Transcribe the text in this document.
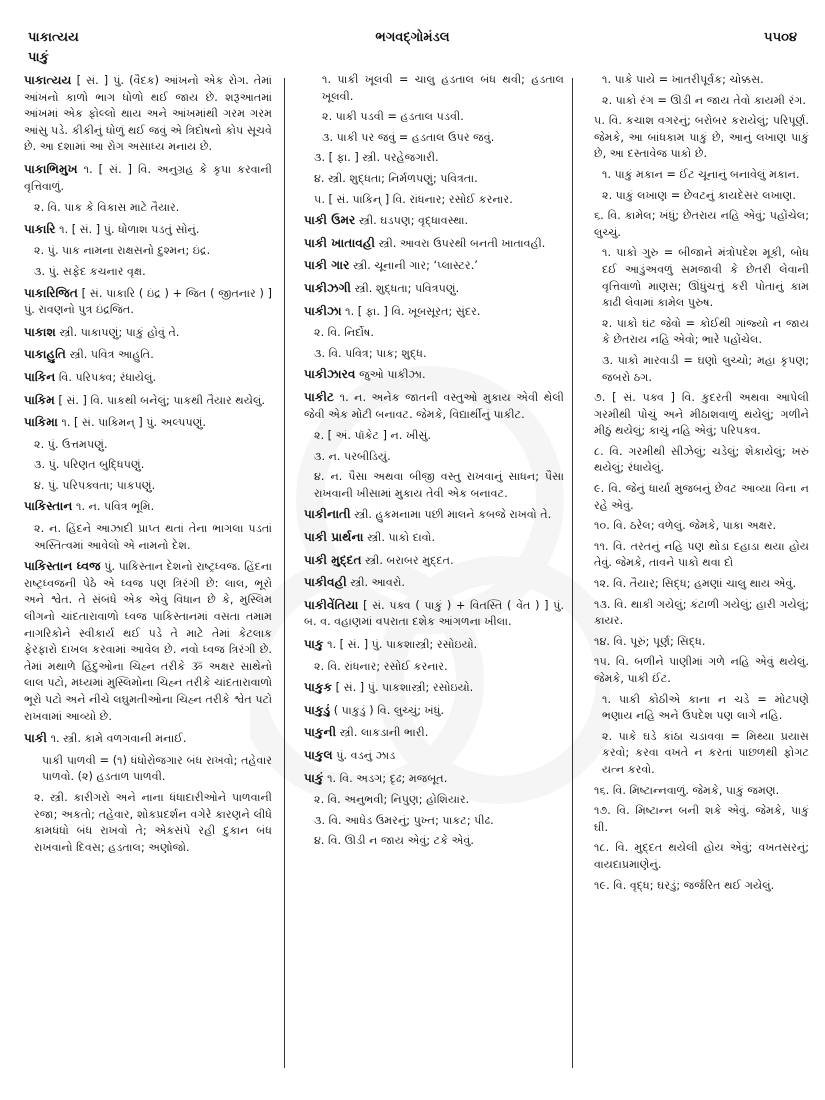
પાકાત્યય
પાકું
ભગવદ્ગોમંડલ	૫૫૦૪
પાકાત્યય [ સં. ] પું. (વૈદક) આંખનો એક રોગ. તેમાં આંખનો કાળો ભાગ ધોળો થઈ જાય છે. શરૂઆતમાં આંખમાં એક ફોલ્લો થાય અને આંખમાંથી ગરમ ગરમ આંસુ પડે. કીકીનું ધોળું થઈ જવું એ ત્રિદોષનો કોપ સૂચવે છે. આ દશામાં આ રોગ અસાધ્ય મનાય છે.
પાકાભિમુખ ૧. [ સં. ] વિ. અનુગ્રહ કે કૃપા કરવાની વૃત્તિવાળું.
૨. વિ. પાક કે વિકાસ માટે તૈયાર.
પાકારિ ૧. [ સં. ] પું. ધોળાશ પડતું સોનું.
૨. પું. પાક નામના રાક્ષસનો દુશ્મન; ઇંદ્ર.
૩. પું. સફેદ કચનાર વૃક્ષ.
પાકારિજિત [ સં. પાકારિ ( ઇંદ્ર ) + જિત ( જીતનાર ) ] પું. રાવણનો પુત્ર ઇંદ્રજિત.
પાકાશ સ્ત્રી. પાકાપણું; પાકું હોવું તે.
પાકાહુતિ સ્ત્રી. પવિત્ર આહુતિ.
પાકિન વિ. પરિપક્વ; રંધાયેલું.
પાકિમ [ સં. ] વિ. પાકથી બનેલું; પાકથી તૈયાર થયેલું.
પાકિમા ૧. [ સં. પાકિમન્ ] પું. અલ્પપણું.
૨. પું. ઉત્તમપણું.
૩. પું. પરિણત બુદ્ધિપણું.
૪. પું. પરિપક્વતા; પાકપણું.
પાકિસ્તાન ૧. ન. પવિત્ર ભૂમિ.
૨. ન. હિંદને આઝાદી પ્રાપ્ત થતાં તેના ભાગલા પડતાં અસ્તિત્વમાં આવેલો એ નામનો દેશ.
પાકિસ્તાન ધ્વજ પું. પાકિસ્તાન દેશનો રાષ્ટ્રધ્વજ. હિંદના રાષ્ટ્રધ્વજની પેઠે એ ધ્વજ પણ ત્રિરંગી છે: લાલ, ભૂરો અને શ્વેત. તે સંબંધે એક એવું વિધાન છે કે, મુસ્લિમ લીગનો ચાંદતારાવાળો ધ્વજ પાકિસ્તાનમાં વસતા તમામ નાગરિકોને સ્વીકાર્ય થઈ પડે તે માટે તેમાં કેટલાક ફેરફારો દાખલ કરવામાં આવેલ છે. નવો ધ્વજ ત્રિરંગી છે. તેમાં મથાળે હિંદુઓના ચિહ્ન તરીકે ૐ અક્ષર સાથેનો લાલ પટો, મધ્યમાં મુસ્લિમોના ચિહ્ન તરીકે ચાંદતારાવાળો ભૂરો પટો અને નીચે લઘુમતીઓના ચિહ્ન તરીકે શ્વેત પટો રાખવામાં આવ્યો છે.
પાકી ૧. સ્ત્રી. કામે વળગવાની મનાઈ.
પાકી પાળવી = (૧) ધંધોરોજગાર બંધ રાખવો; તહેવાર પાળવો. (૨) હડતાળ પાળવી.
૨. સ્ત્રી. કારીગરો અને નાના ધંધાદારીઓને પાળવાની રજા; અકતો; તહેવાર, શોકપ્રદર્શન વગેરે કારણને લીધે કામધંધો બંધ રાખવો તે; એકસંપે રહી દુકાન બંધ રાખવાનો દિવસ; હડતાલ; અણોજો.
૧. પાકી ખૂલવી = ચાલુ હડતાલ બંધ થવી; હડતાલ ખૂલવી.
૨. પાકી પડવી = હડતાલ પડવી.
૩. પાકી પર જવું = હડતાલ ઉપર જવું.
૩. [ ફા. ] સ્ત્રી. પરહેજગારી.
૪. સ્ત્રી. શુદ્ધતા; નિર્મળપણું; પવિત્રતા.
૫. [ સં. પાકિન્ ] વિ. રાંધનાર; રસોઈ કરનાર.
પાકી ઉમર સ્ત્રી. ઘડપણ; વૃદ્ધાવસ્થા.
પાકી ખાતાવહી સ્ત્રી. આવરા ઉપરથી બનતી ખાતાવહી.
પાકી ગાર સ્ત્રી. ચૂનાની ગાર; ‘પ્લાસ્ટર.’
પાકીઝગી સ્ત્રી. શુદ્ધતા; પવિત્રપણું.
પાકીઝા ૧. [ ફા. ] વિ. ખૂબસૂરત; સુંદર.
૨. વિ. નિર્દોષ.
૩. વિ. પવિત્ર; પાક; શુદ્ધ.
પાકીઝારવ જુઓ પાકીઝા.
પાકીટ ૧. ન. અનેક જાતની વસ્તુઓ મુકાય એવી થેલી જેવી એક મોટી બનાવટ. જેમકે, વિદ્યાર્થીનું પાકીટ.
૨. [ અં. પૉકેટ ] ન. ખીસું.
૩. ન. પરબીડિયું.
૪. ન. પૈસા અથવા બીજી વસ્તુ રાખવાનું સાધન; પૈસા રાખવાની ખીસામાં મુકાય તેવી એક બનાવટ.
પાકીનાતી સ્ત્રી. હુકમનામા પછી માલને કબજે રાખવો તે.
પાકી પ્રાર્થના સ્ત્રી. પાકો દાવો.
પાકી મુદ્દત સ્ત્રી. બરાબર મુદ્દત.
પાકીવહી સ્ત્રી. આવરો.
પાકીવેંતિયા [ સં. પક્વ ( પાકું ) + વિતસ્તિ ( વેંત ) ] પું. બ. વ. વહાણમાં વપરાતા દશેક આંગળના ખીલા.
પાકુ ૧. [ સં. ] પું. પાકશાસ્ત્રી; રસોઇયો.
૨. વિ. રાંધનાર; રસોઈ કરનાર.
પાકુક [ સં. ] પું. પાકશાસ્ત્રી; રસોઇયો.
પાકુડું ( પાકુડું ) વિ. લુચ્ચું; ખંધું.
પાકુની સ્ત્રી. લાકડાની ભારી.
પાકુલ પું. વડનું ઝાડ
પાકું ૧. વિ. અડગ; દૃઢ; મજબૂત.
૨. વિ. અનુભવી; નિપુણ; હોશિયાર.
૩. વિ. આધેડ ઉમરનું; પુખ્ત; પાકટ; પીઢ.
૪. વિ. ઊડી ન જાય એવું; ટકે એવું.
૧. પાકે પાયે = ખાતરીપૂર્વક; ચોક્કસ.
૨. પાકો રંગ = ઊડી ન જાય તેવો કાયમી રંગ.
૫. વિ. કચાશ વગરનું; બરોબર કરાયેલું; પરિપૂર્ણ. જેમકે, આ બાંધકામ પાકું છે, આનું લખાણ પાકું છે, આ દસ્તાવેજ પાકો છે.
૧. પાકું મકાન = ઈંટ ચૂનાનું બનાવેલું મકાન.
૨. પાકું લખાણ = છેવટનું કાયદેસર લખાણ.
૬. વિ. કામેલ; ખંધું; છેતરાય નહિ એવું; પહોંચેલ; લુચ્ચું.
૧. પાકો ગુરુ = બીજાને મંત્રોપદેશ મૂકી, બોધ દઈ આડુંઅવળું સમજાવી કે છેતરી લેવાની વૃત્તિવાળો માણસ; ઊંધુંચત્તું કરી પોતાનું કામ કાઢી લેવામાં કામેલ પુરુષ.
૨. પાકો ઘંટ જેવો = કોઈથી ગાંજ્યો ન જાય કે છેતરાય નહિ એવો; ભારે પહોંચેલ.
૩. પાકો મારવાડી = ઘણો લુચ્ચો; મહા કૃપણ; જબરો ઠગ.
૭. [ સં. પક્વ ] વિ. કુદરતી અથવા આપેલી ગરમીથી પોચું અને મીઠાશવાળું થયેલું; ગળીને મીઠું થયેલું; કાચું નહિ એવું; પરિપક્વ.
૮. વિ. ગરમીથી સીઝેલું; ચડેલું; શેકાયેલું; ખરું થયેલું; રંધાયેલું.
૯. વિ. જેનું ધાર્યા મુજબનું છેવટ આવ્યા વિના ન રહે એવું.
૧૦. વિ. ઠરેલ; વળેલું. જેમકે, પાકા અક્ષર.
૧૧. વિ. તરતનું નહિ પણ થોડા દહાડા થયા હોય તેવું. જેમકે, તાવને પાકો થવા દો
૧૨. વિ. તૈયાર; સિદ્ધ; હમણાં ચાલુ થાય એવું.
૧૩. વિ. થાકી ગયેલું; કંટાળી ગયેલું; હારી ગયેલું; કાયર.
૧૪. વિ. પૂરું; પૂર્ણ; સિદ્ધ.
૧૫. વિ. બળીને પાણીમાં ગળે નહિ એવું થયેલું. જેમકે, પાકી ઈંટ.
૧. પાકી કોઠીએ કાના ન ચડે = મોટપણે ભણાય નહિ અને ઉપદેશ પણ લાગે નહિ.
૨. પાકે ઘડે કાંઠા ચડાવવા = મિથ્યા પ્રયાસ કરવો; કરવા વખતે ન કરતાં પાછળથી ફોગટ યત્ન કરવો.
૧૬. વિ. મિષ્ટાન્નવાળું. જેમકે, પાકું જમણ.
૧૭. વિ. મિષ્ટાન્ન બની શકે એવું. જેમકે, પાકું ઘી.
૧૮. વિ. મુદ્દત થયેલી હોય એવું; વખતસરનું; વાયદાપ્રમાણેનું.
૧૯. વિ. વૃદ્ધ; ઘરડું; જર્જરિત થઈ ગયેલું.
